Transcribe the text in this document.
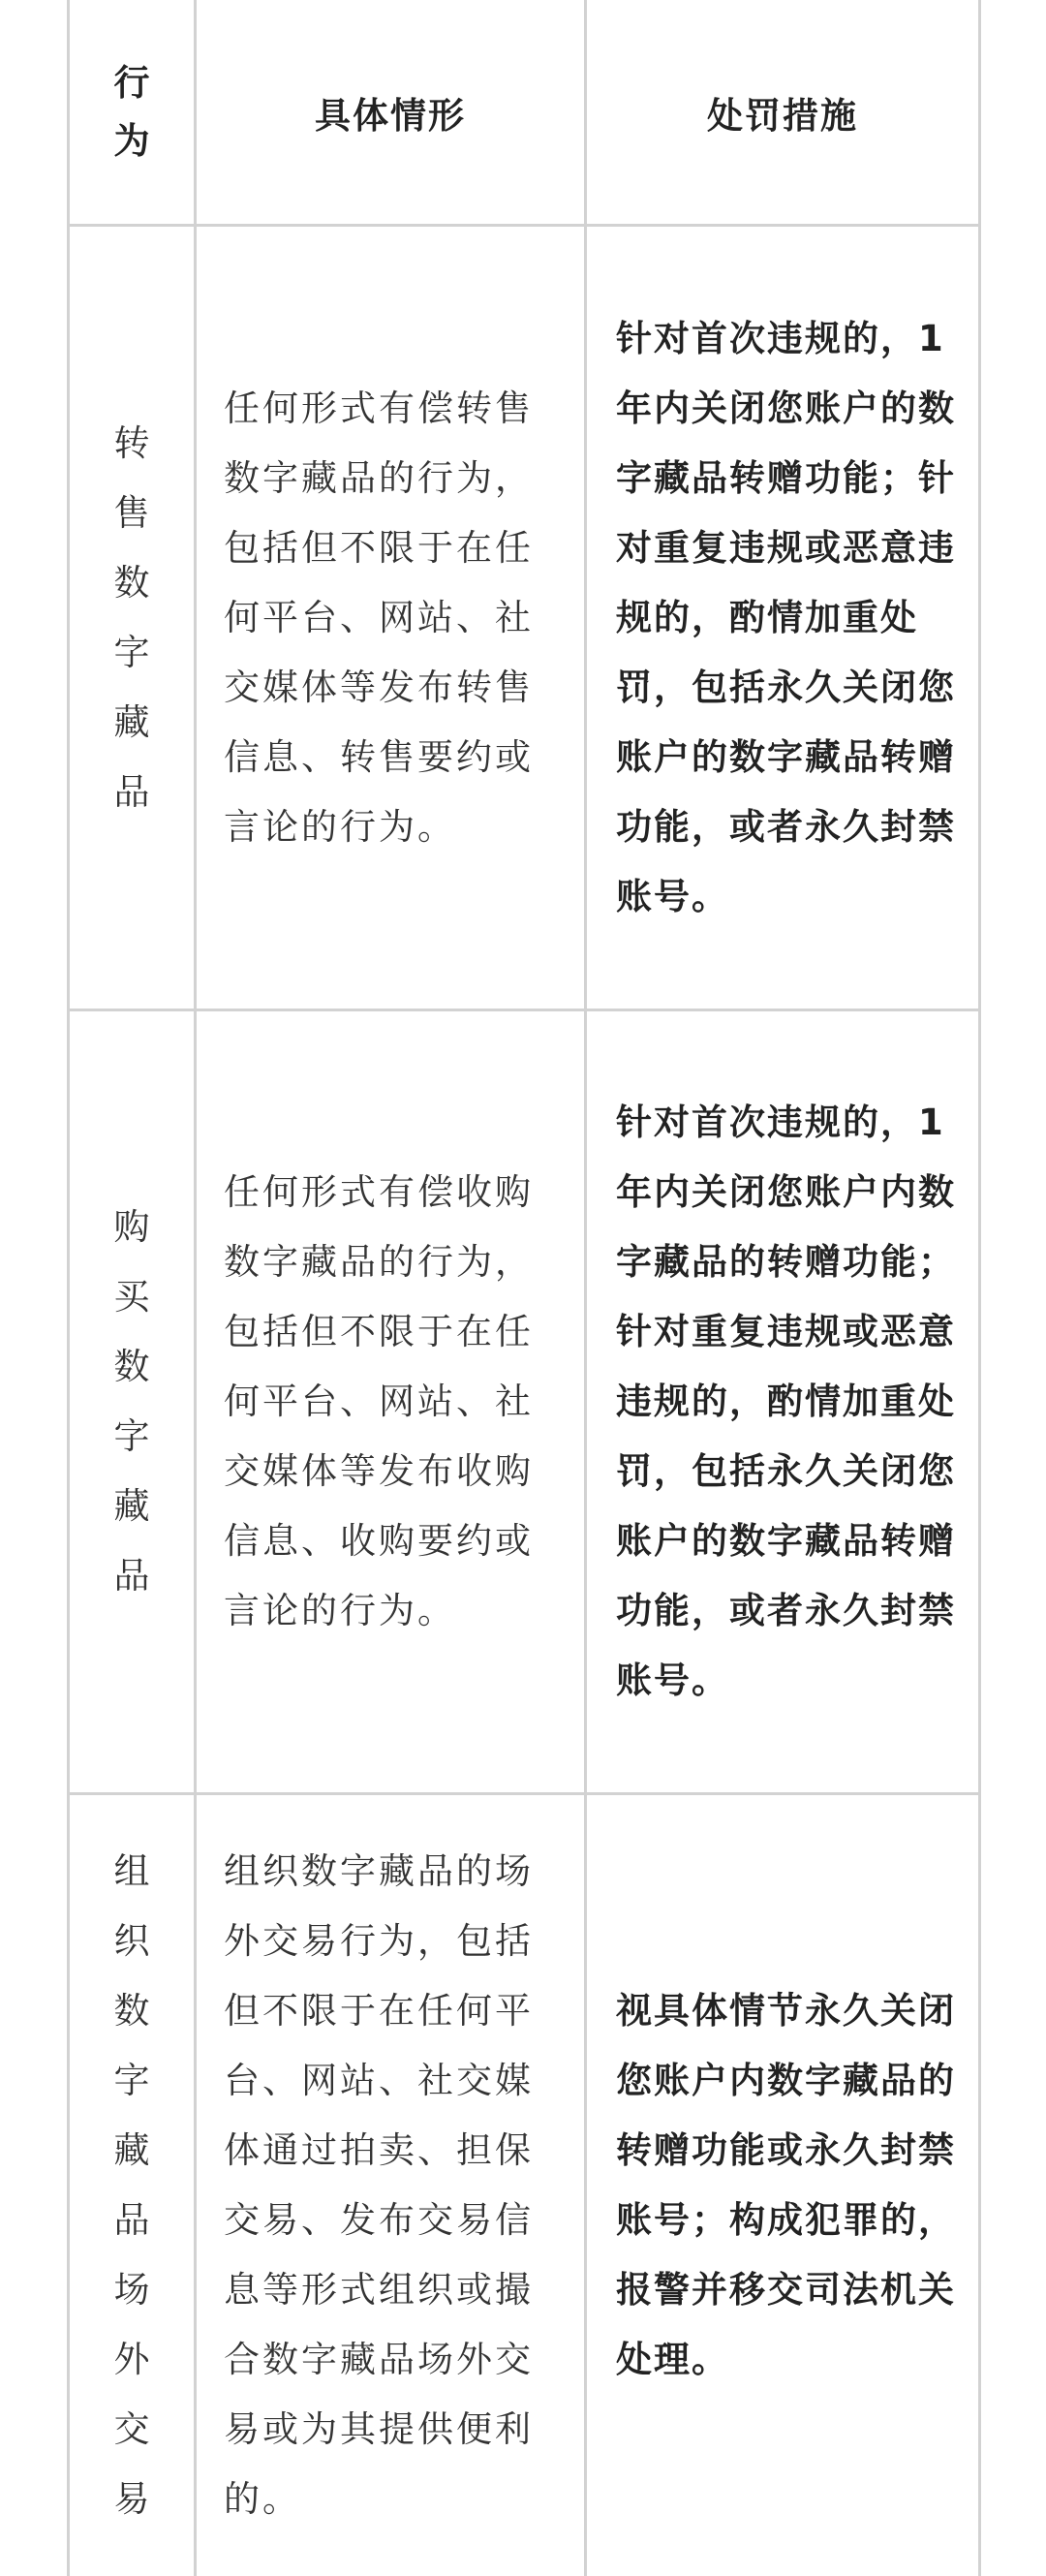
行为
具体情形	处罚措施
转售数字藏品
任何形式有偿转售数字藏品的行为，包括但不限于在任何平台、网站、社交媒体等发布转售信息、转售要约或言论的行为。
针对首次违规的，1年内关闭您账户的数字藏品转赠功能；针对重复违规或恶意违规的，酌情加重处罚，包括永久关闭您账户的数字藏品转赠功能，或者永久封禁账号。
购买数字藏品
任何形式有偿收购数字藏品的行为，包括但不限于在任何平台、网站、社交媒体等发布收购信息、收购要约或言论的行为。
针对首次违规的，1年内关闭您账户内数字藏品的转赠功能；针对重复违规或恶意违规的，酌情加重处罚，包括永久关闭您账户的数字藏品转赠功能，或者永久封禁账号。
组织数字藏品场外交易
组织数字藏品的场外交易行为，包括但不限于在任何平台、网站、社交媒体通过拍卖、担保交易、发布交易信息等形式组织或撮合数字藏品场外交易或为其提供便利的。
视具体情节永久关闭您账户内数字藏品的转赠功能或永久封禁账号；构成犯罪的，报警并移交司法机关处理。
